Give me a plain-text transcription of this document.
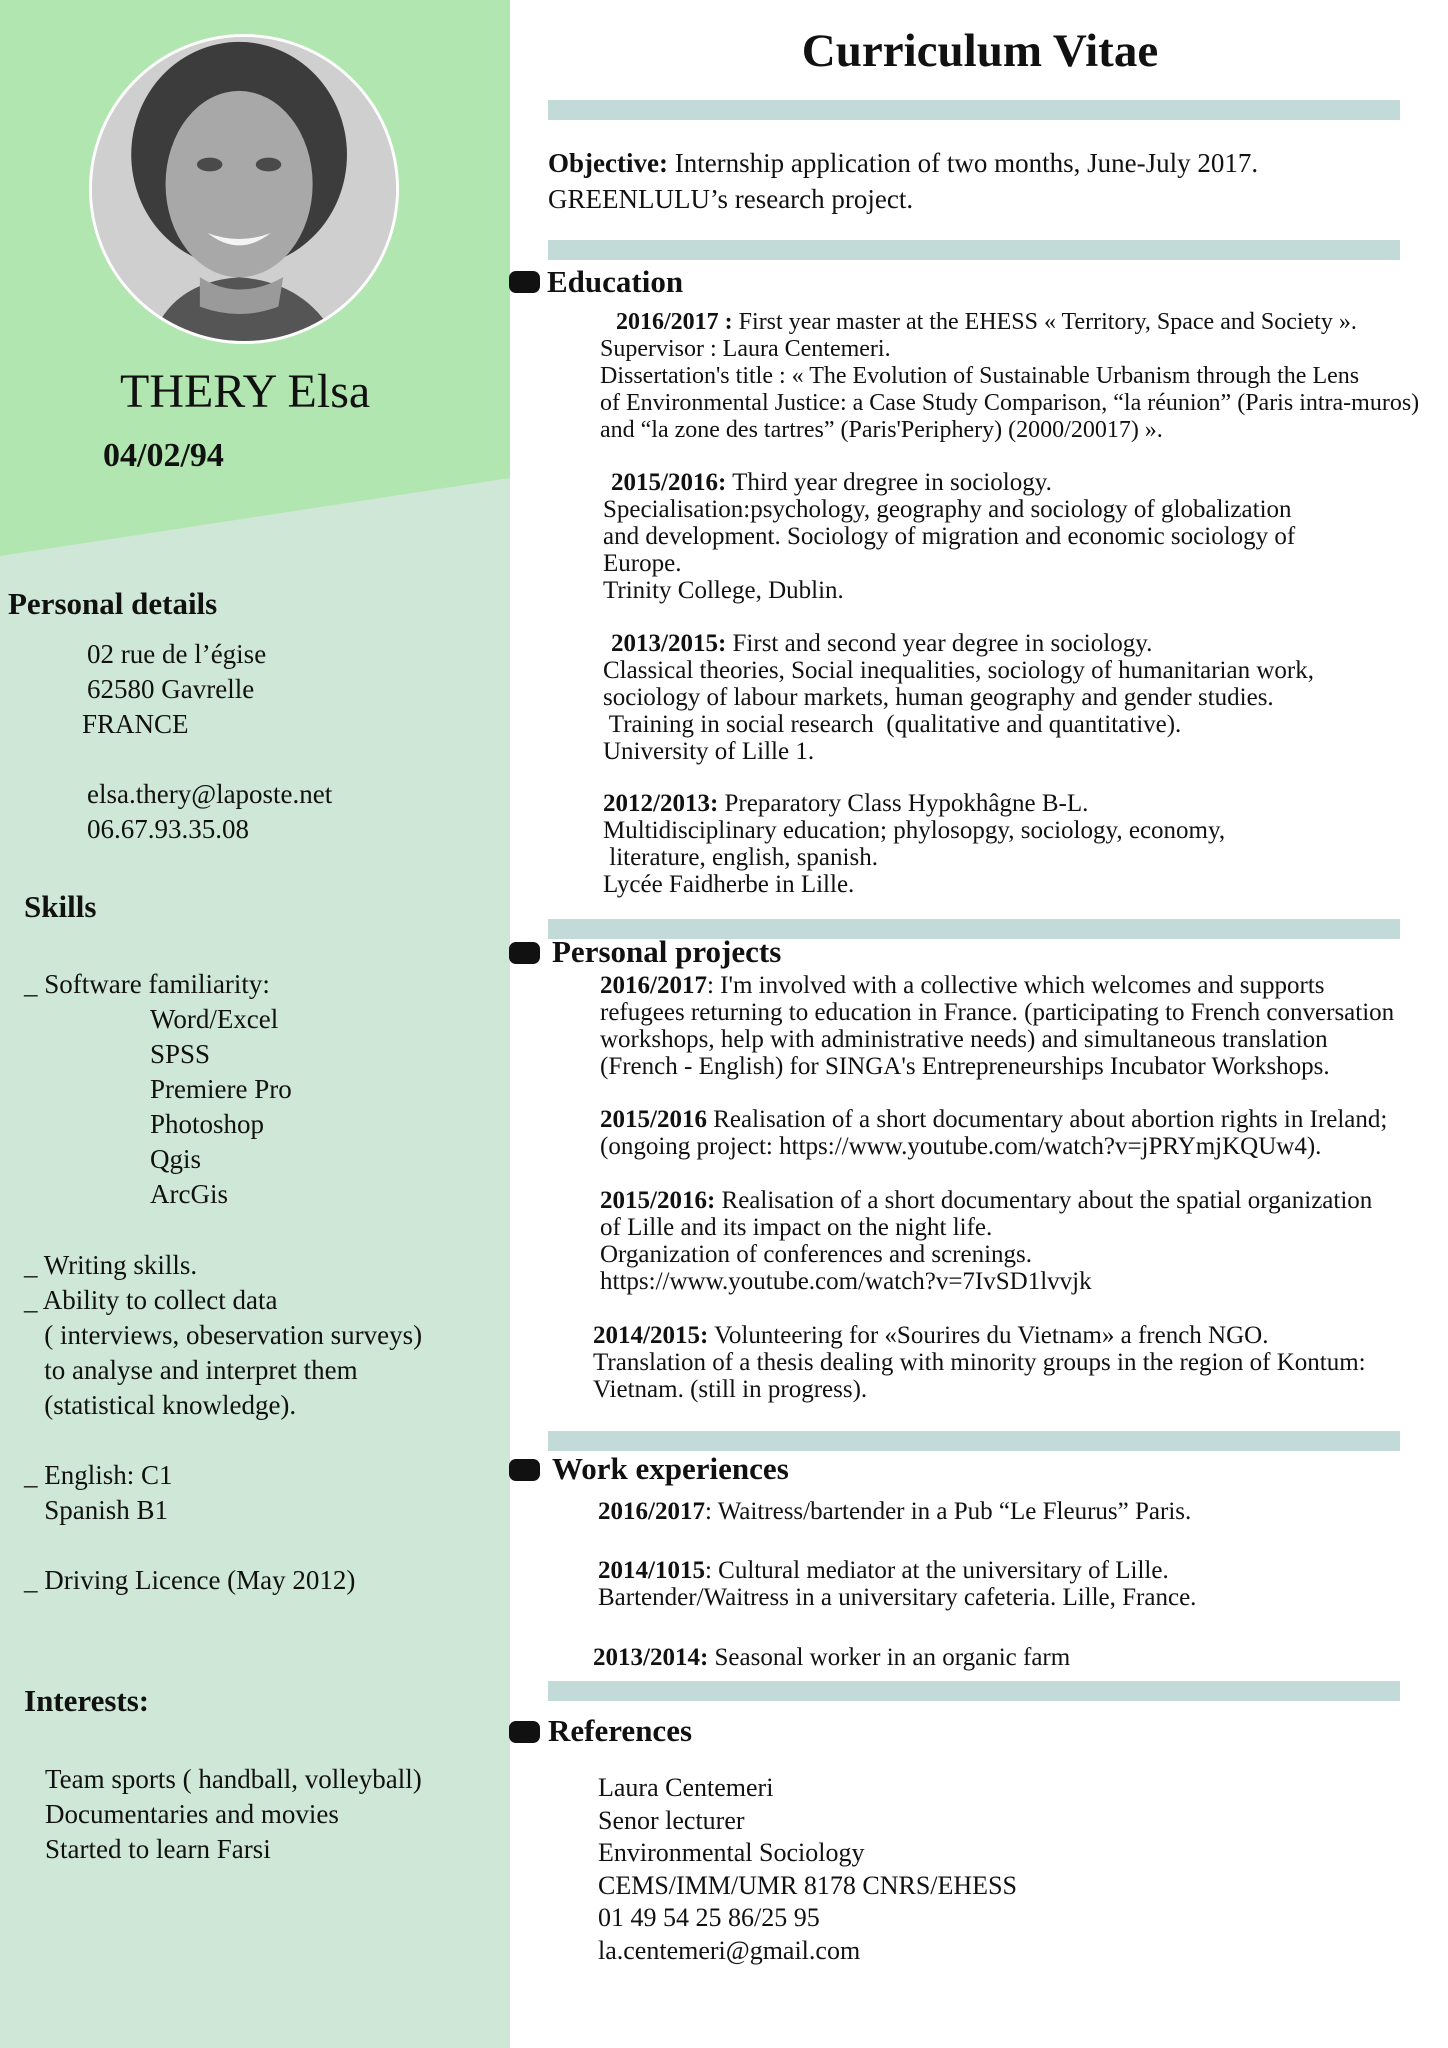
THERY Elsa
04/02/94
Personal details
02 rue de l’égise
62580 Gavrelle
FRANCE
elsa.thery@laposte.net
06.67.93.35.08
Skills
_ Software familiarity:
Word/Excel
SPSS
Premiere Pro
Photoshop
Qgis
ArcGis
_ Writing skills.
_ Ability to collect data
( interviews, obeservation surveys)
to analyse and interpret them
(statistical knowledge).
_ English: C1
Spanish B1
_ Driving Licence (May 2012)
Interests:
Team sports ( handball, volleyball)
Documentaries and movies
Started to learn Farsi
Curriculum Vitae
Objective: Internship application of two months, June-July 2017.
GREENLULU’s research project.
Education
2016/2017 : First year master at the EHESS « Territory, Space and Society ».
Supervisor : Laura Centemeri.
Dissertation's title : « The Evolution of Sustainable Urbanism through the Lens
of Environmental Justice: a Case Study Comparison, “la réunion” (Paris intra-muros)
and “la zone des tartres” (Paris'Periphery) (2000/20017) ».
2015/2016: Third year dregree in sociology.
Specialisation:psychology, geography and sociology of globalization
and development. Sociology of migration and economic sociology of
Europe.
Trinity College, Dublin.
2013/2015: First and second year degree in sociology.
Classical theories, Social inequalities, sociology of humanitarian work,
sociology of labour markets, human geography and gender studies.
Training in social research  (qualitative and quantitative).
University of Lille 1.
2012/2013: Preparatory Class Hypokhâgne B-L.
Multidisciplinary education; phylosopgy, sociology, economy,
literature, english, spanish.
Lycée Faidherbe in Lille.
Personal projects
2016/2017: I'm involved with a collective which welcomes and supports
refugees returning to education in France. (participating to French conversation
workshops, help with administrative needs) and simultaneous translation
(French - English) for SINGA's Entrepreneurships Incubator Workshops.
2015/2016 Realisation of a short documentary about abortion rights in Ireland;
(ongoing project: https://www.youtube.com/watch?v=jPRYmjKQUw4).
2015/2016: Realisation of a short documentary about the spatial organization
of Lille and its impact on the night life.
Organization of conferences and screnings.
https://www.youtube.com/watch?v=7IvSD1lvvjk
2014/2015: Volunteering for «Sourires du Vietnam» a french NGO.
Translation of a thesis dealing with minority groups in the region of Kontum:
Vietnam. (still in progress).
Work experiences
2016/2017: Waitress/bartender in a Pub “Le Fleurus” Paris.
2014/1015: Cultural mediator at the universitary of Lille.
Bartender/Waitress in a universitary cafeteria. Lille, France.
2013/2014: Seasonal worker in an organic farm
References
Laura Centemeri
Senor lecturer
Environmental Sociology
CEMS/IMM/UMR 8178 CNRS/EHESS
01 49 54 25 86/25 95
la.centemeri@gmail.com
